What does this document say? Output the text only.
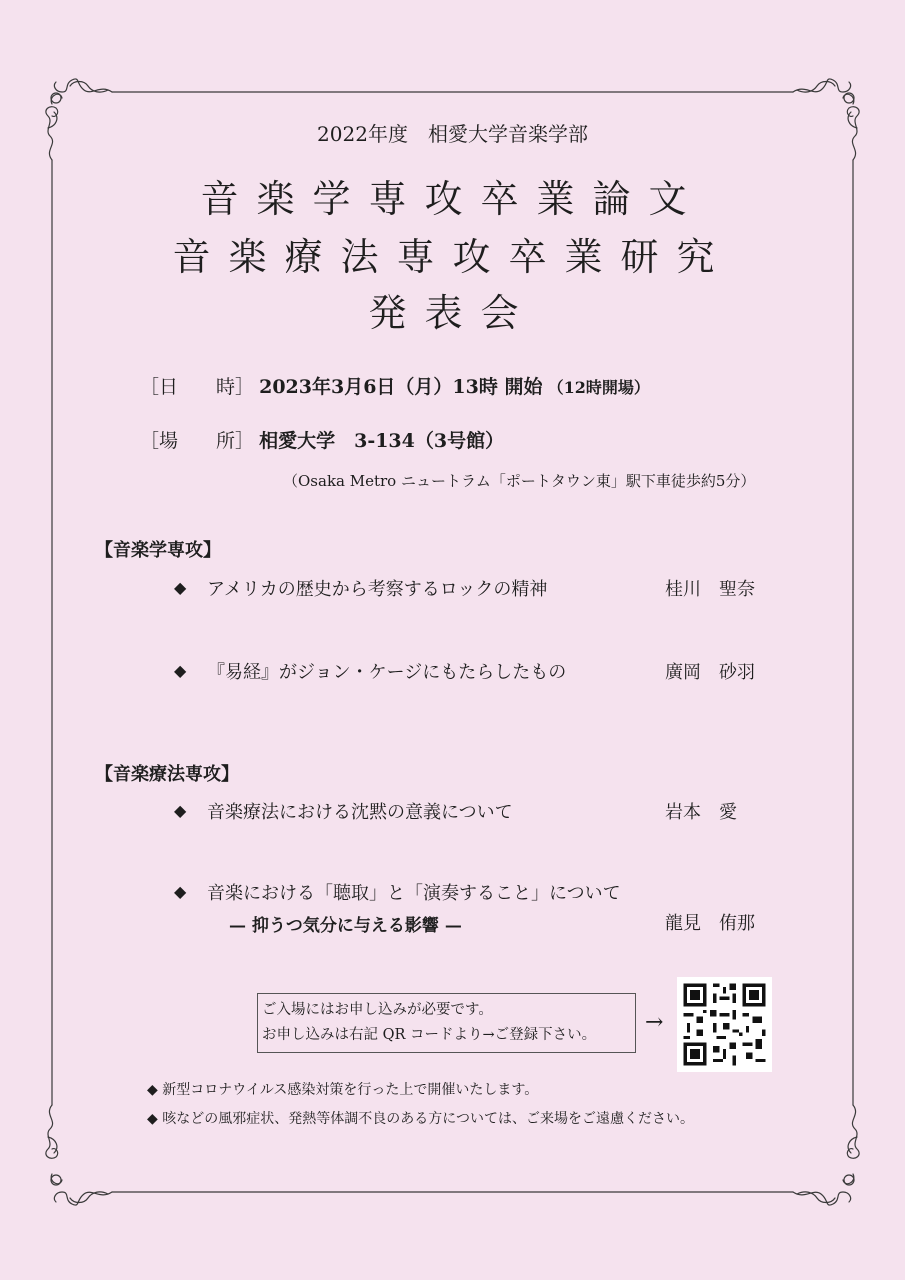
2022年度　相愛大学音楽学部

音楽学専攻卒業論文
音楽療法専攻卒業研究
発表会
［日　　時］ 2023年3月6日（月）13時 開始 （12時開場）
［場　　所］ 相愛大学　3-134（3号館）

（Osaka Metro ニュートラム「ポートタウン東」駅下車徒歩約5分）

【音楽学専攻】

◆ アメリカの歴史から考察するロックの精神	桂川　聖奈
◆ 『易経』がジョン・ケージにもたらしたもの	廣岡　砂羽

【音楽療法専攻】

◆ 音楽療法における沈黙の意義について	岩本　愛
◆ 音楽における「聴取」と「演奏すること」について
— 抑うつ気分に与える影響 —	龍見　侑那
ご入場にはお申し込みが必要です。
お申し込みは右記 QR コードより→ご登録下さい。	→
◆ 新型コロナウイルス感染対策を行った上で開催いたします。
◆ 咳などの風邪症状、発熱等体調不良のある方については、ご来場をご遠慮ください。
